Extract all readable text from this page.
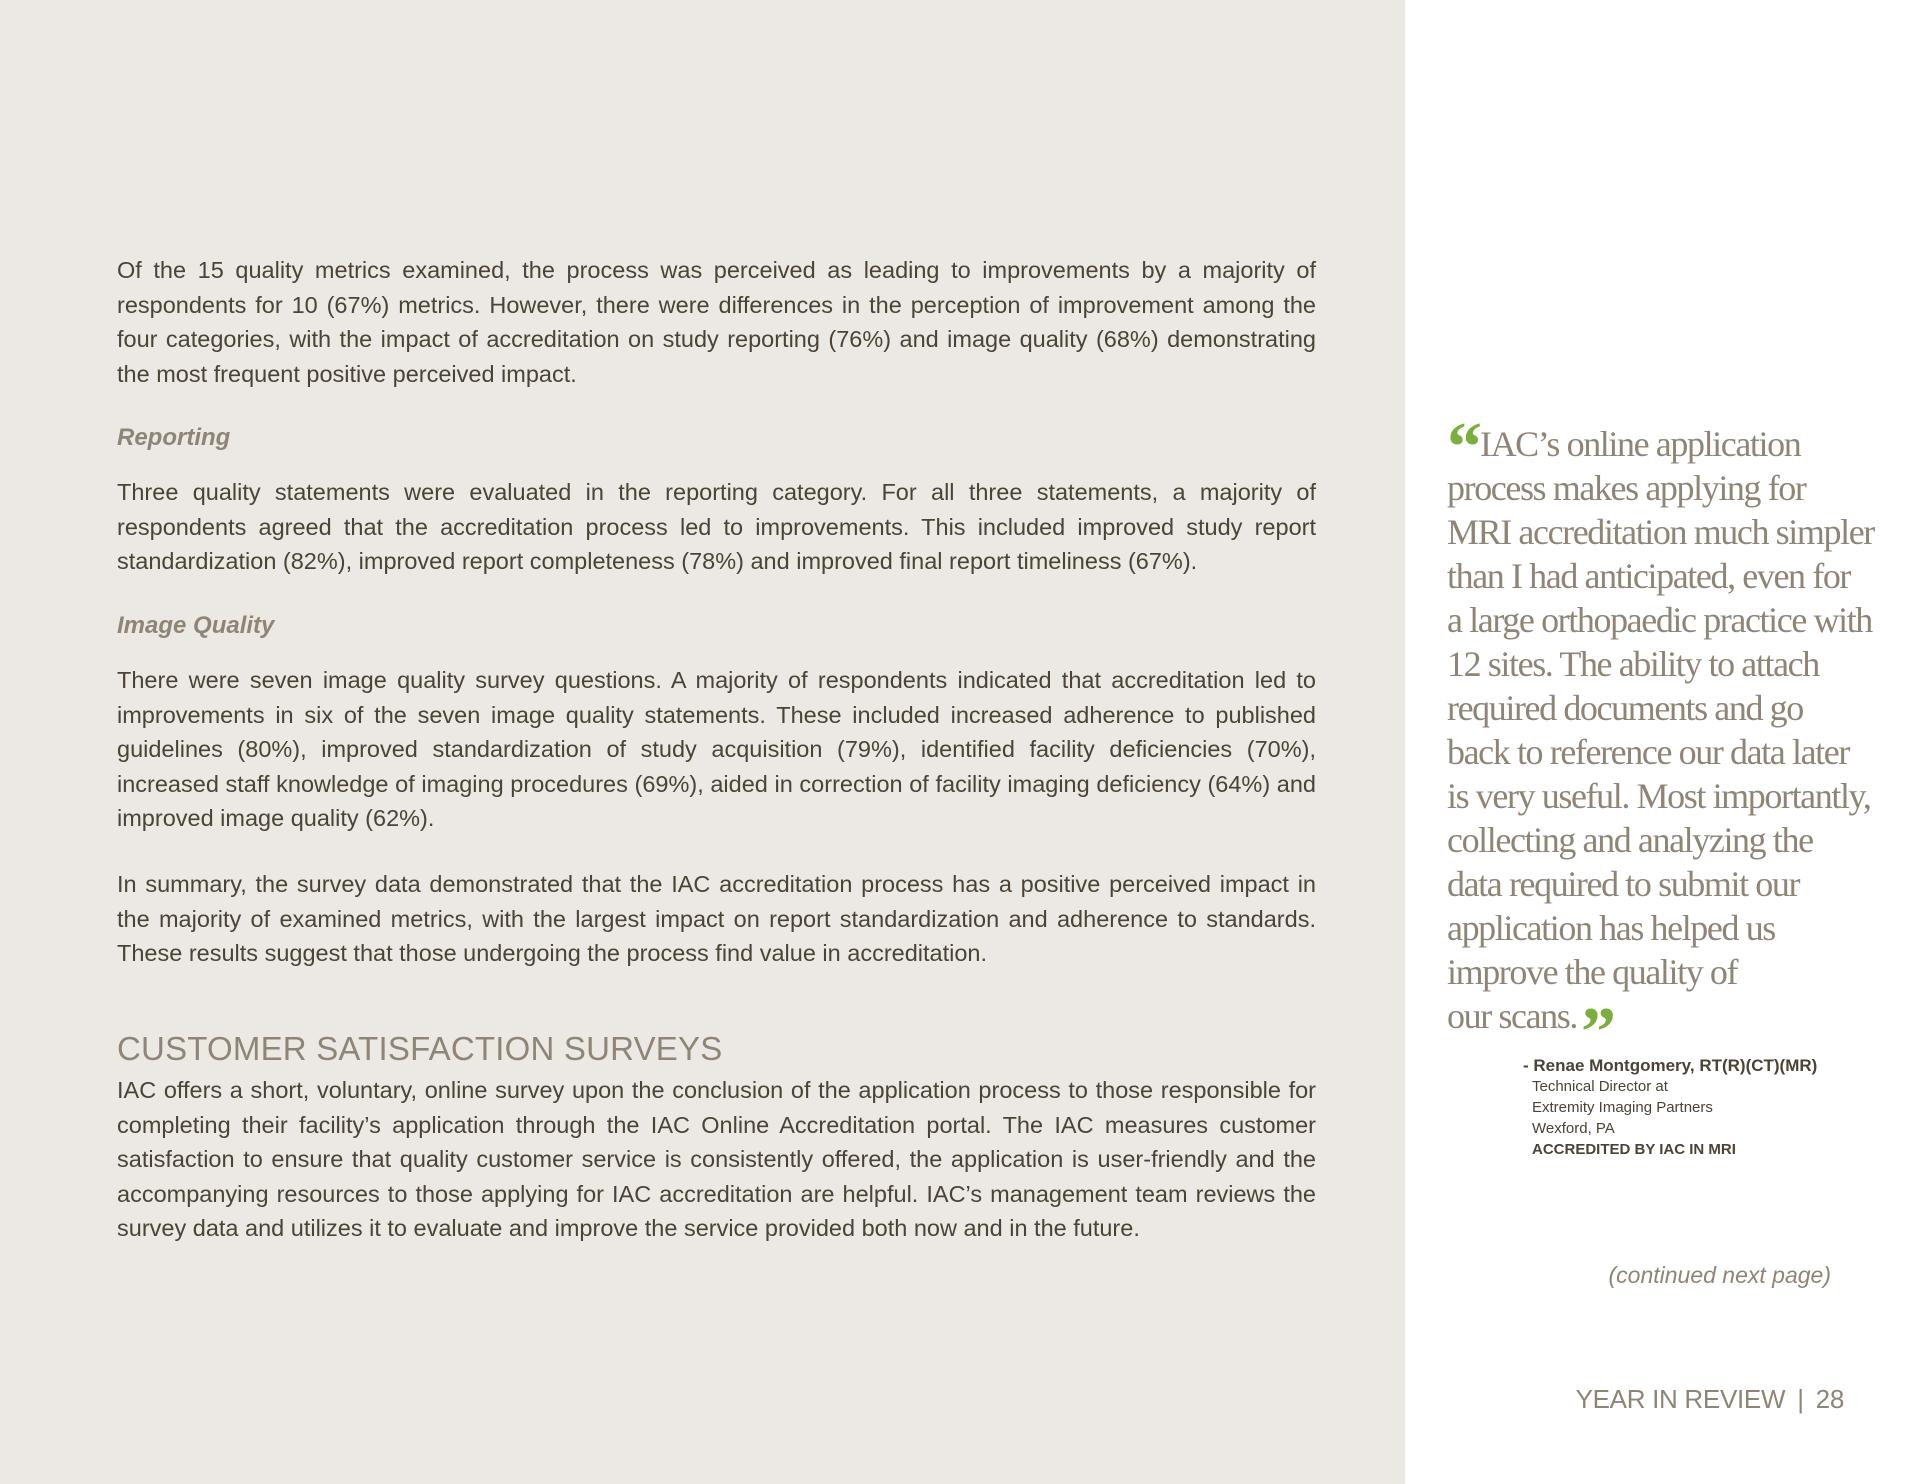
Of the 15 quality metrics examined, the process was perceived as leading to improvements by a majority of respondents for 10 (67%) metrics. However, there were differences in the perception of improvement among the four categories, with the impact of accreditation on study reporting (76%) and image quality (68%) demonstrating the most frequent positive perceived impact.

Reporting

Three quality statements were evaluated in the reporting category. For all three statements, a majority of respondents agreed that the accreditation process led to improvements. This included improved study report standardization (82%), improved report completeness (78%) and improved final report timeliness (67%).

Image Quality

There were seven image quality survey questions. A majority of respondents indicated that accreditation led to improvements in six of the seven image quality statements. These included increased adherence to published guidelines (80%), improved standardization of study acquisition (79%), identified facility deficiencies (70%), increased staff knowledge of imaging procedures (69%), aided in correction of facility imaging deficiency (64%) and improved image quality (62%).

In summary, the survey data demonstrated that the IAC accreditation process has a positive perceived impact in the majority of examined metrics, with the largest impact on report standardization and adherence to standards. These results suggest that those undergoing the process find value in accreditation.

CUSTOMER SATISFACTION SURVEYS

IAC offers a short, voluntary, online survey upon the conclusion of the application process to those responsible for completing their facility’s application through the IAC Online Accreditation portal. The IAC measures customer satisfaction to ensure that quality customer service is consistently offered, the application is user-friendly and the accompanying resources to those applying for IAC accreditation are helpful. IAC’s management team reviews the survey data and utilizes it to evaluate and improve the service provided both now and in the future.

(continued next page)
“ IAC’s online application
process makes applying for
MRI accreditation much simpler
than I had anticipated, even for
a large orthopaedic practice with
12 sites. The ability to attach
required documents and go
back to reference our data later
is very useful. Most importantly,
collecting and analyzing the
data required to submit our
application has helped us
improve the quality of
our scans.”
- Renae Montgomery, RT(R)(CT)(MR)
Technical Director at
Extremity Imaging Partners
Wexford, PA
ACCREDITED BY IAC IN MRI
YEAR IN REVIEW | 28
